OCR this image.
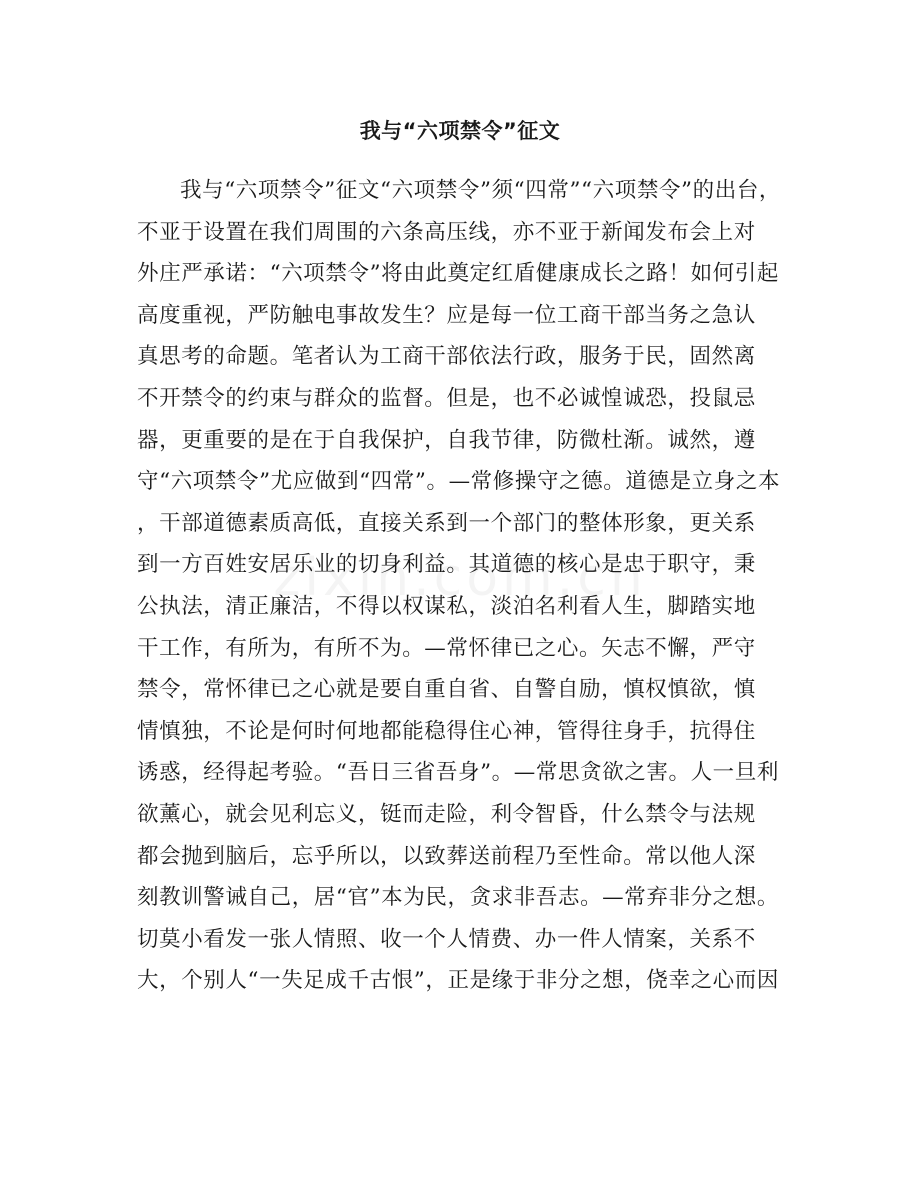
我与“六项禁令”征文
我与“六项禁令”征文“六项禁令”须“四常”“六项禁令”的出台，
不亚于设置在我们周围的六条高压线，亦不亚于新闻发布会上对
外庄严承诺：“六项禁令”将由此奠定红盾健康成长之路！如何引起
高度重视，严防触电事故发生？应是每一位工商干部当务之急认
真思考的命题。笔者认为工商干部依法行政，服务于民，固然离
不开禁令的约束与群众的监督。但是，也不必诚惶诚恐，投鼠忌
器，更重要的是在于自我保护，自我节律，防微杜渐。诚然，遵
守“六项禁令”尤应做到“四常”。—常修操守之德。道德是立身之本
，干部道德素质高低，直接关系到一个部门的整体形象，更关系
到一方百姓安居乐业的切身利益。其道德的核心是忠于职守，秉
公执法，清正廉洁，不得以权谋私，淡泊名利看人生，脚踏实地
干工作，有所为，有所不为。—常怀律已之心。矢志不懈，严守
禁令，常怀律已之心就是要自重自省、自警自励，慎权慎欲，慎
情慎独，不论是何时何地都能稳得住心神，管得往身手，抗得住
诱惑，经得起考验。“吾日三省吾身”。—常思贪欲之害。人一旦利
欲薰心，就会见利忘义，铤而走险，利令智昏，什么禁令与法规
都会抛到脑后，忘乎所以，以致葬送前程乃至性命。常以他人深
刻教训警诫自己，居“官”本为民，贪求非吾志。—常弃非分之想。
切莫小看发一张人情照、收一个人情费、办一件人情案，关系不
大，个别人“一失足成千古恨”，正是缘于非分之想，侥幸之心而因
